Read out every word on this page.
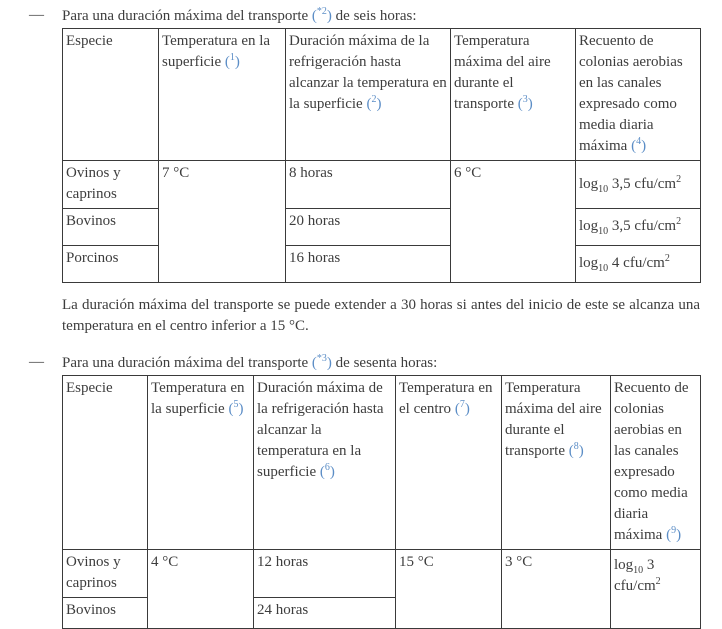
— Para una duración máxima del transporte ($^{*2}$) de seis horas:
Especie	Temperatura en la superficie ($^1$)	Duración máxima de la refrigeración hasta alcanzar la temperatura en la superficie ($^2$)	Temperatura máxima del aire durante el transporte ($^3$)	Recuento de colonias aerobias en las canales expresado como media diaria máxima ($^4$)
Ovinos y caprinos	7 °C	8 horas	6 °C	$\log_{10} 3,5$ cfu/$cm^2$
Bovinos		20 horas		$\log_{10} 3,5$ cfu/$cm^2$
Porcinos		16 horas		$\log_{10} 4$ cfu/$cm^2$

La duración máxima del transporte se puede extender a 30 horas si antes del inicio de este se alcanza una temperatura en el centro inferior a 15 °C.

— Para una duración máxima del transporte ($^{*3}$) de sesenta horas:
Especie	Temperatura en la superficie ($^5$)	Duración máxima de la refrigeración hasta alcanzar la temperatura en la superficie ($^6$)	Temperatura en el centro ($^7$)	Temperatura máxima del aire durante el transporte ($^8$)	Recuento de colonias aerobias en las canales expresado como media diaria máxima ($^9$)
Ovinos y caprinos	4 °C	12 horas	15 °C	3 °C	$\log_{10} 3$ cfu/$cm^2$
Bovinos		24 horas			
